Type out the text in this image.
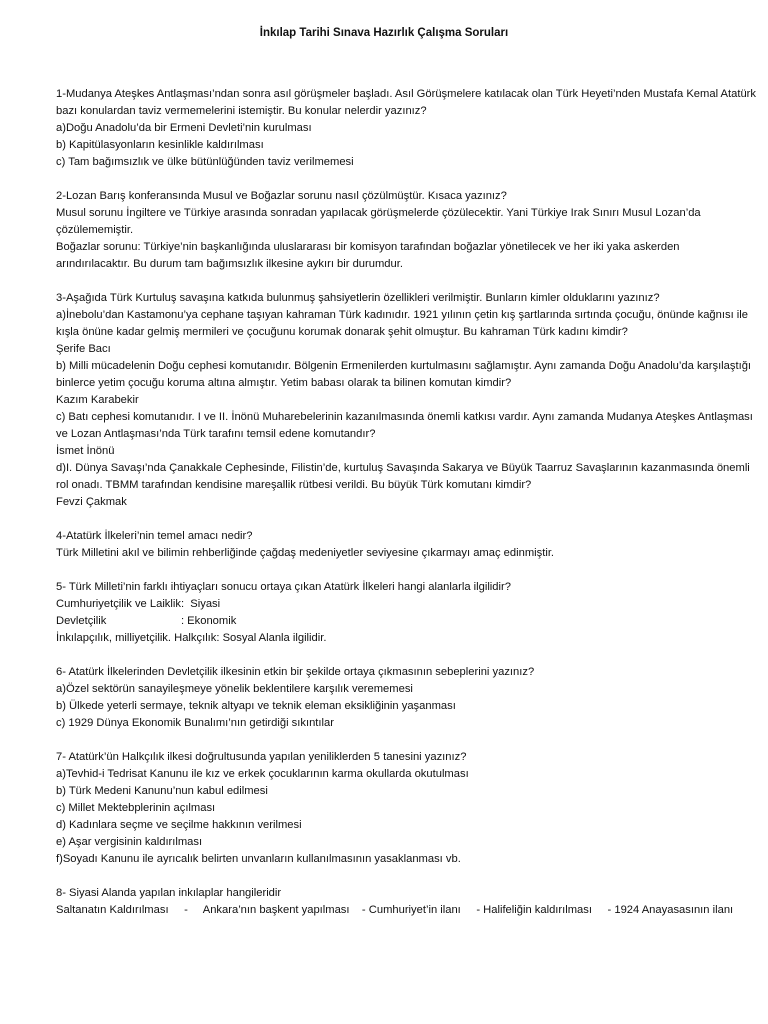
İnkılap Tarihi Sınava Hazırlık Çalışma Soruları

1-Mudanya Ateşkes Antlaşması’ndan sonra asıl görüşmeler başladı. Asıl Görüşmelere katılacak olan Türk Heyeti’nden Mustafa Kemal Atatürk bazı konulardan taviz vermemelerini istemiştir. Bu konular nelerdir yazınız?

a)Doğu Anadolu’da bir Ermeni Devleti’nin kurulması

b) Kapitülasyonların kesinlikle kaldırılması

c) Tam bağımsızlık ve ülke bütünlüğünden taviz verilmemesi

2-Lozan Barış konferansında Musul ve Boğazlar sorunu nasıl çözülmüştür. Kısaca yazınız?

Musul sorunu İngiltere ve Türkiye arasında sonradan yapılacak görüşmelerde çözülecektir. Yani Türkiye Irak Sınırı Musul Lozan’da çözülememiştir.

Boğazlar sorunu: Türkiye’nin başkanlığında uluslararası bir komisyon tarafından boğazlar yönetilecek ve her iki yaka askerden arındırılacaktır. Bu durum tam bağımsızlık ilkesine aykırı bir durumdur.

3-Aşağıda Türk Kurtuluş savaşına katkıda bulunmuş şahsiyetlerin özellikleri verilmiştir. Bunların kimler olduklarını yazınız?

a)İnebolu’dan Kastamonu’ya cephane taşıyan kahraman Türk kadınıdır. 1921 yılının çetin kış şartlarında sırtında çocuğu, önünde kağnısı ile kışla önüne kadar gelmiş mermileri ve çocuğunu korumak donarak şehit olmuştur. Bu kahraman Türk kadını kimdir?

Şerife Bacı

b) Milli mücadelenin Doğu cephesi komutanıdır. Bölgenin Ermenilerden kurtulmasını sağlamıştır. Aynı zamanda Doğu Anadolu’da karşılaştığı binlerce yetim çocuğu koruma altına almıştır. Yetim babası olarak ta bilinen komutan kimdir?

Kazım Karabekir

c) Batı cephesi komutanıdır. I ve II. İnönü Muharebelerinin kazanılmasında önemli katkısı vardır. Aynı zamanda Mudanya Ateşkes Antlaşması ve Lozan Antlaşması’nda Türk tarafını temsil edene komutandır?

İsmet İnönü

d)I. Dünya Savaşı’nda Çanakkale Cephesinde, Filistin’de, kurtuluş Savaşında Sakarya ve Büyük Taarruz Savaşlarının kazanmasında önemli rol onadı. TBMM tarafından kendisine mareşallik rütbesi verildi. Bu büyük Türk komutanı kimdir?

Fevzi Çakmak

4-Atatürk İlkeleri’nin temel amacı nedir?

Türk Milletini akıl ve bilimin rehberliğinde çağdaş medeniyetler seviyesine çıkarmayı amaç edinmiştir.

5- Türk Milleti’nin farklı ihtiyaçları sonucu ortaya çıkan Atatürk İlkeleri hangi alanlarla ilgilidir?

Cumhuriyetçilik ve Laiklik:  Siyasi

Devletçilik                        : Ekonomik

İnkılapçılık, milliyetçilik. Halkçılık: Sosyal Alanla ilgilidir.

6- Atatürk İlkelerinden Devletçilik ilkesinin etkin bir şekilde ortaya çıkmasının sebeplerini yazınız?

a)Özel sektörün sanayileşmeye yönelik beklentilere karşılık verememesi

b) Ülkede yeterli sermaye, teknik altyapı ve teknik eleman eksikliğinin yaşanması

c) 1929 Dünya Ekonomik Bunalımı’nın getirdiği sıkıntılar

7- Atatürk’ün Halkçılık ilkesi doğrultusunda yapılan yeniliklerden 5 tanesini yazınız?

a)Tevhid-i Tedrisat Kanunu ile kız ve erkek çocuklarının karma okullarda okutulması

b) Türk Medeni Kanunu’nun kabul edilmesi

c) Millet Mektebplerinin açılması

d) Kadınlara seçme ve seçilme hakkının verilmesi

e) Aşar vergisinin kaldırılması

f)Soyadı Kanunu ile ayrıcalık belirten unvanların kullanılmasının yasaklanması vb.

8- Siyasi Alanda yapılan inkılaplar hangileridir

Saltanatın Kaldırılması     -     Ankara’nın başkent yapılması    - Cumhuriyet’in ilanı     - Halifeliğin kaldırılması     - 1924 Anayasasının ilanı
